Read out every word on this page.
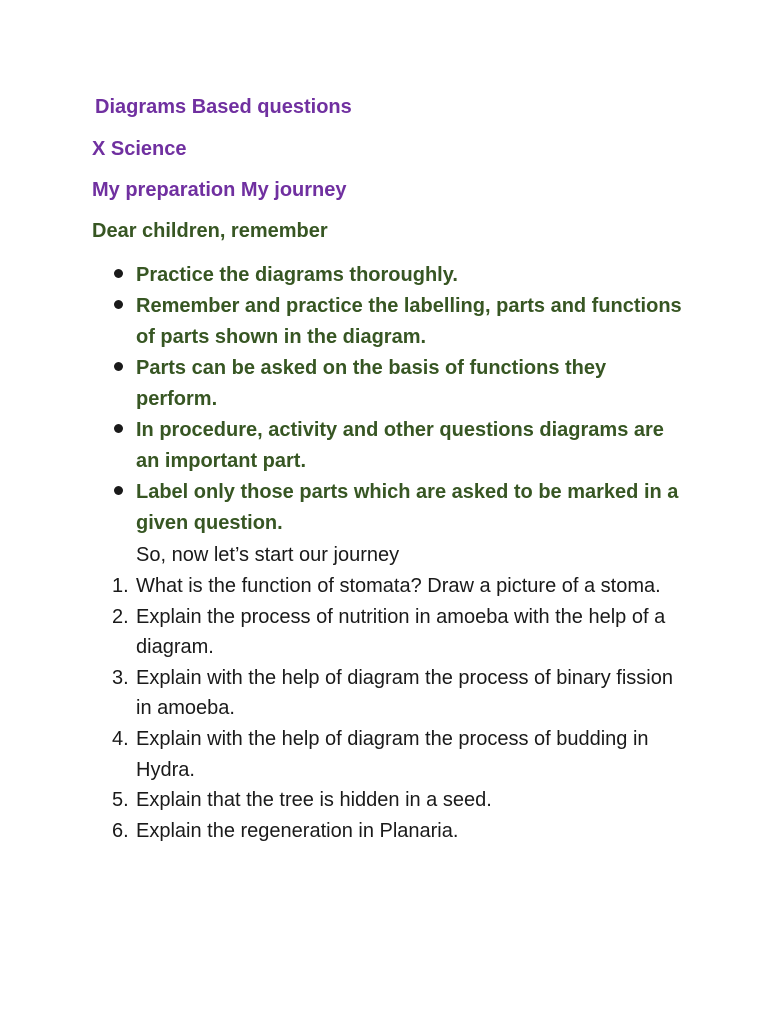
Diagrams Based questions
X Science
My preparation My journey
Dear children, remember
Practice the diagrams thoroughly.
Remember and practice the labelling, parts and functions of parts shown in the diagram.
Parts can be asked on the basis of functions they perform.
In procedure, activity and other questions diagrams are an important part.
Label only those parts which are asked to be marked in a given question.
So, now let’s start our journey
1. What is the function of stomata? Draw a picture of a stoma.
2. Explain the process of nutrition in amoeba with the help of a diagram.
3. Explain with the help of diagram the process of binary fission in amoeba.
4. Explain with the help of diagram the process of budding in Hydra.
5. Explain that the tree is hidden in a seed.
6. Explain the regeneration in Planaria.
